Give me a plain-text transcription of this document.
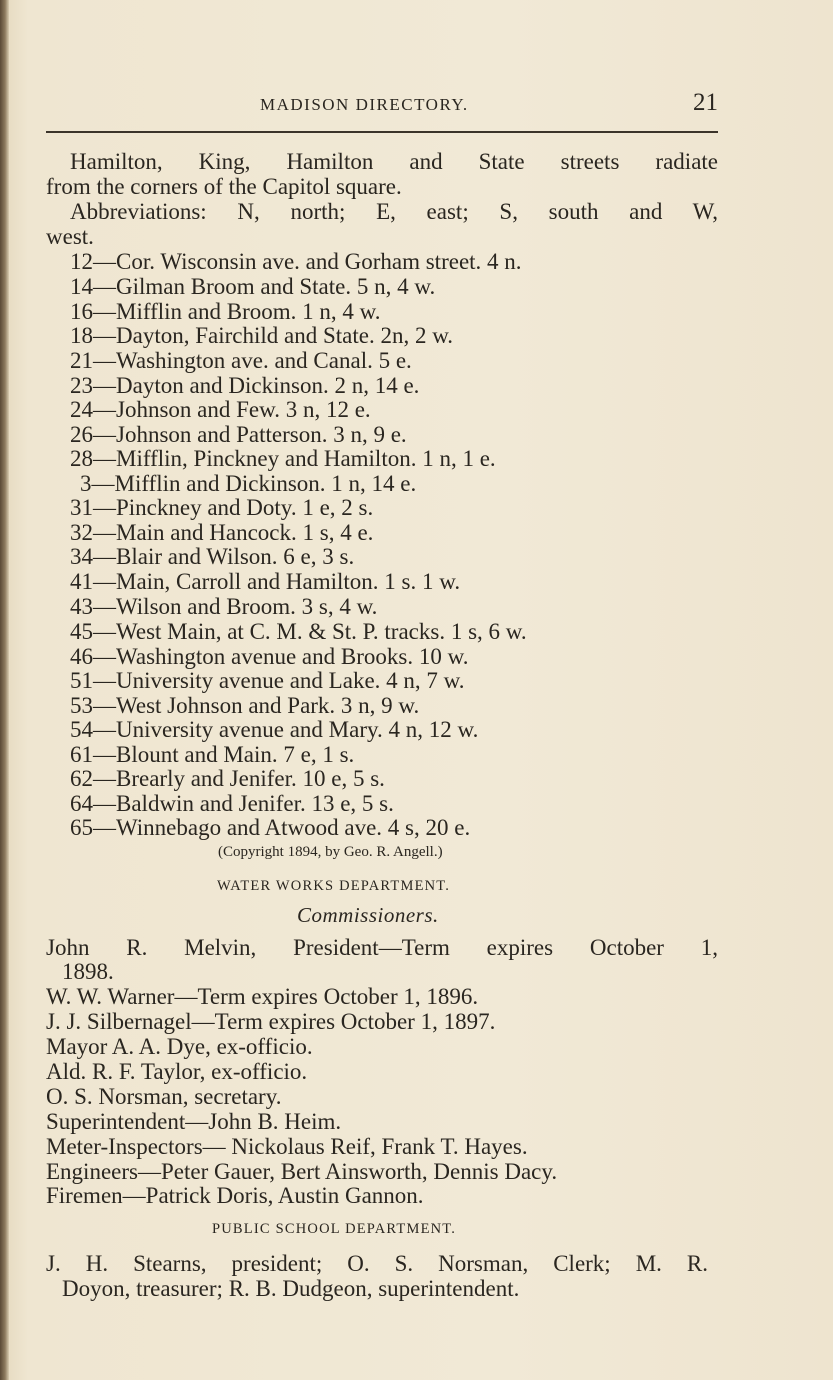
MADISON DIRECTORY.	21
Hamilton, King, Hamilton and State streets radiate
from the corners of the Capitol square.
Abbreviations: N, north; E, east; S, south and W,
west.
12—Cor. Wisconsin ave. and Gorham street. 4 n.
14—Gilman Broom and State. 5 n, 4 w.
16—Mifflin and Broom. 1 n, 4 w.
18—Dayton, Fairchild and State. 2n, 2 w.
21—Washington ave. and Canal. 5 e.
23—Dayton and Dickinson. 2 n, 14 e.
24—Johnson and Few. 3 n, 12 e.
26—Johnson and Patterson. 3 n, 9 e.
28—Mifflin, Pinckney and Hamilton. 1 n, 1 e.
3—Mifflin and Dickinson. 1 n, 14 e.
31—Pinckney and Doty. 1 e, 2 s.
32—Main and Hancock. 1 s, 4 e.
34—Blair and Wilson. 6 e, 3 s.
41—Main, Carroll and Hamilton. 1 s. 1 w.
43—Wilson and Broom. 3 s, 4 w.
45—West Main, at C. M. & St. P. tracks. 1 s, 6 w.
46—Washington avenue and Brooks. 10 w.
51—University avenue and Lake. 4 n, 7 w.
53—West Johnson and Park. 3 n, 9 w.
54—University avenue and Mary. 4 n, 12 w.
61—Blount and Main. 7 e, 1 s.
62—Brearly and Jenifer. 10 e, 5 s.
64—Baldwin and Jenifer. 13 e, 5 s.
65—Winnebago and Atwood ave. 4 s, 20 e.
(Copyright 1894, by Geo. R. Angell.)
WATER WORKS DEPARTMENT.
Commissioners.
John R. Melvin, President—Term expires October 1,
1898.
W. W. Warner—Term expires October 1, 1896.
J. J. Silbernagel—Term expires October 1, 1897.
Mayor A. A. Dye, ex-officio.
Ald. R. F. Taylor, ex-officio.
O. S. Norsman, secretary.
Superintendent—John B. Heim.
Meter-Inspectors— Nickolaus Reif, Frank T. Hayes.
Engineers—Peter Gauer, Bert Ainsworth, Dennis Dacy.
Firemen—Patrick Doris, Austin Gannon.
PUBLIC SCHOOL DEPARTMENT.
J. H. Stearns, president; O. S. Norsman, Clerk; M. R.
Doyon, treasurer; R. B. Dudgeon, superintendent.
